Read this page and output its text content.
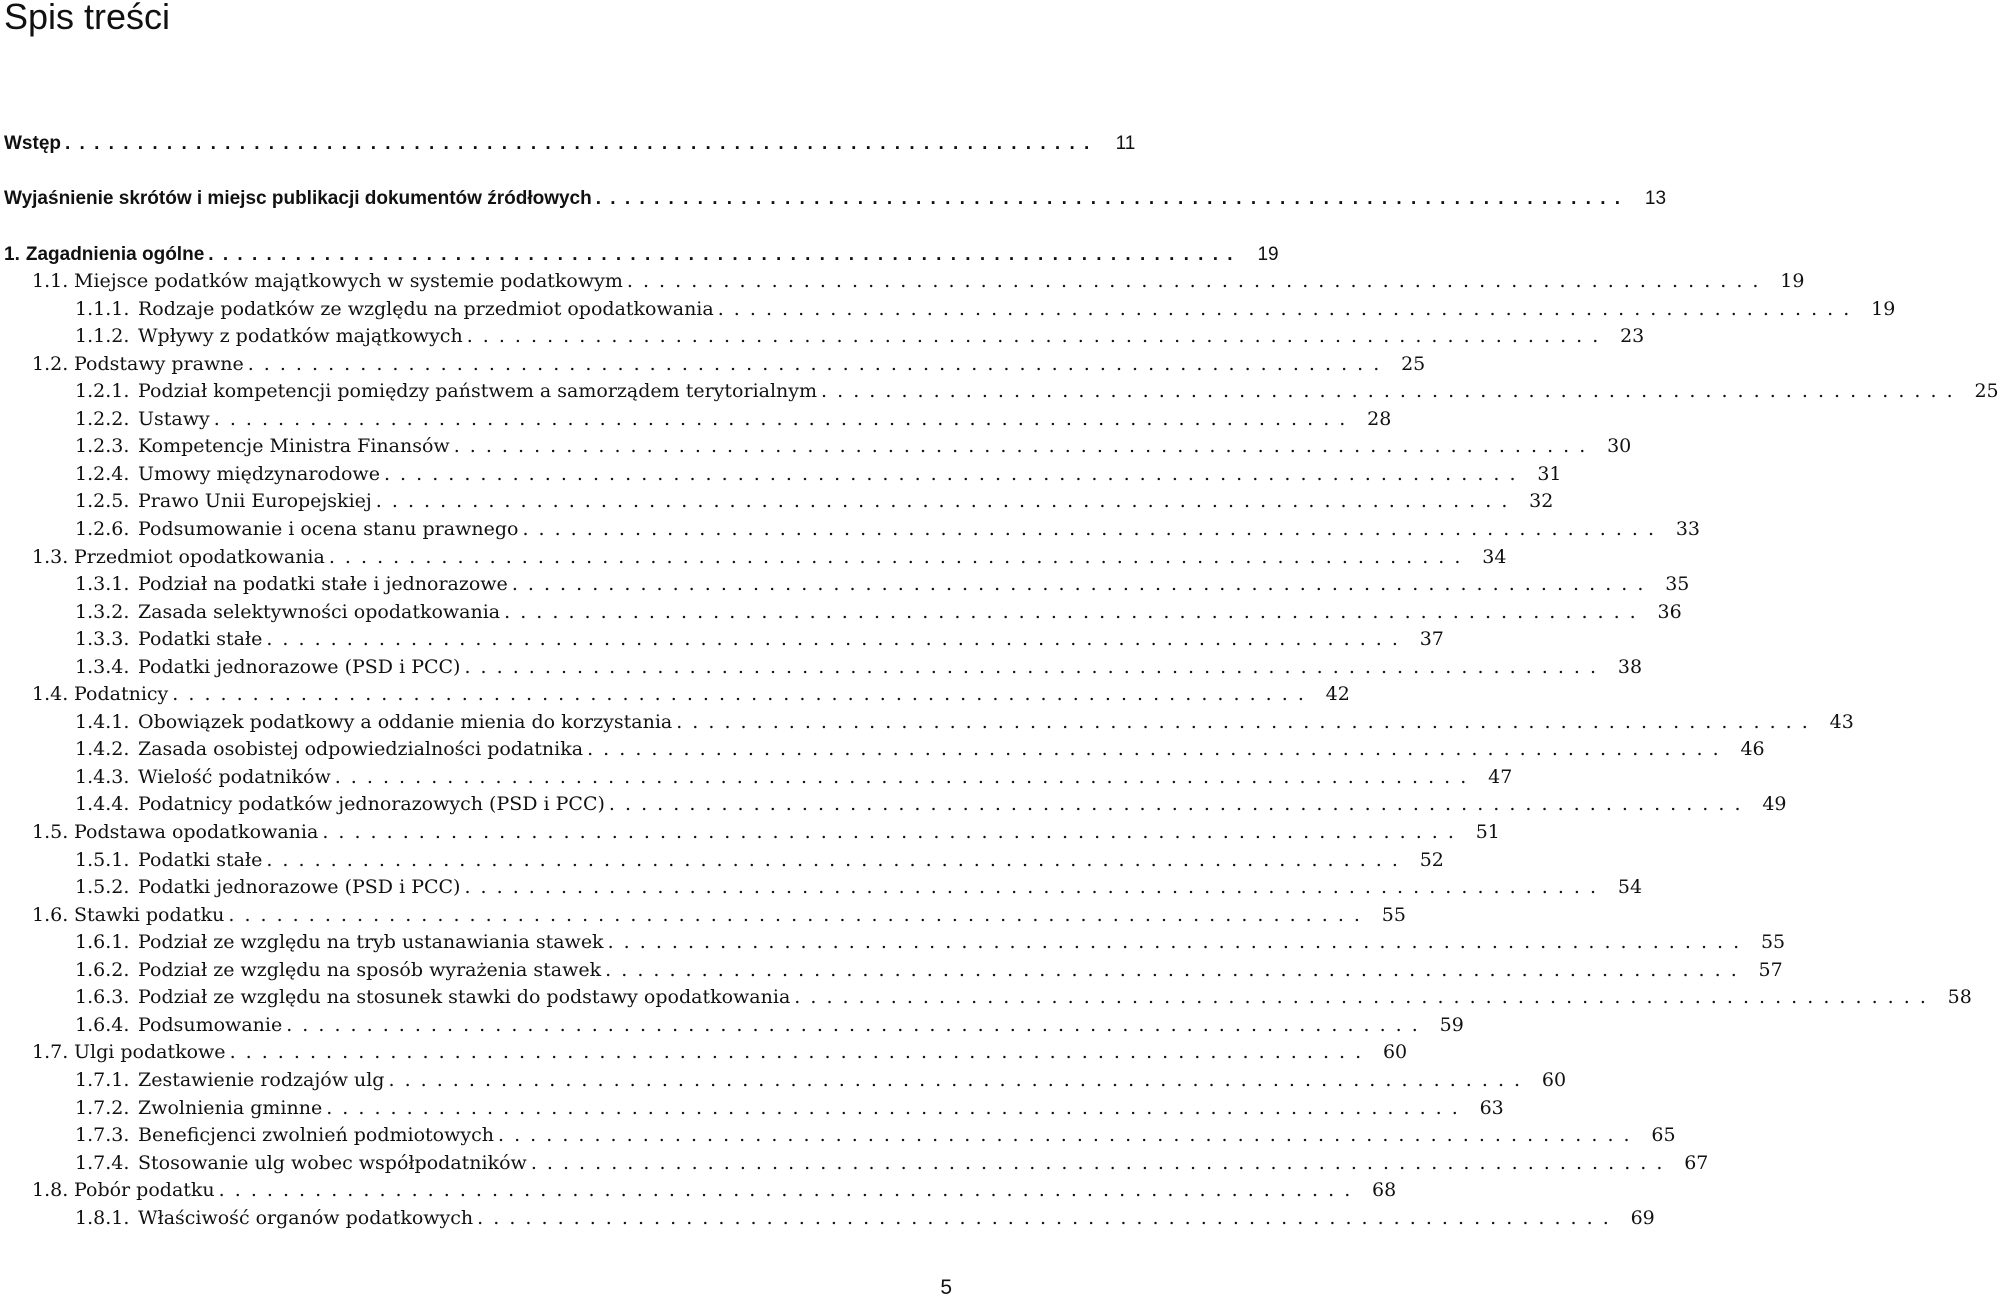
Spis treści
Wstęp . . .	11
Wyjaśnienie skrótów i miejsc publikacji dokumentów źródłowych . . .	13
1. Zagadnienia ogólne . . .	19
1.1. Miejsce podatków majątkowych w systemie podatkowym . . .	19
1.1.1. Rodzaje podatków ze względu na przedmiot opodatkowania . . .	19
1.1.2. Wpływy z podatków majątkowych . . .	23
1.2. Podstawy prawne . . .	25
1.2.1. Podział kompetencji pomiędzy państwem a samorządem terytorialnym . . .	25
1.2.2. Ustawy . . .	28
1.2.3. Kompetencje Ministra Finansów . . .	30
1.2.4. Umowy międzynarodowe . . .	31
1.2.5. Prawo Unii Europejskiej . . .	32
1.2.6. Podsumowanie i ocena stanu prawnego . . .	33
1.3. Przedmiot opodatkowania . . .	34
1.3.1. Podział na podatki stałe i jednorazowe . . .	35
1.3.2. Zasada selektywności opodatkowania . . .	36
1.3.3. Podatki stałe . . .	37
1.3.4. Podatki jednorazowe (PSD i PCC) . . .	38
1.4. Podatnicy . . .	42
1.4.1. Obowiązek podatkowy a oddanie mienia do korzystania . . .	43
1.4.2. Zasada osobistej odpowiedzialności podatnika . . .	46
1.4.3. Wielość podatników . . .	47
1.4.4. Podatnicy podatków jednorazowych (PSD i PCC) . . .	49
1.5. Podstawa opodatkowania . . .	51
1.5.1. Podatki stałe . . .	52
1.5.2. Podatki jednorazowe (PSD i PCC) . . .	54
1.6. Stawki podatku . . .	55
1.6.1. Podział ze względu na tryb ustanawiania stawek . . .	55
1.6.2. Podział ze względu na sposób wyrażenia stawek . . .	57
1.6.3. Podział ze względu na stosunek stawki do podstawy opodatkowania . . .	58
1.6.4. Podsumowanie . . .	59
1.7. Ulgi podatkowe . . .	60
1.7.1. Zestawienie rodzajów ulg . . .	60
1.7.2. Zwolnienia gminne . . .	63
1.7.3. Beneficjenci zwolnień podmiotowych . . .	65
1.7.4. Stosowanie ulg wobec współpodatników . . .	67
1.8. Pobór podatku . . .	68
1.8.1. Właściwość organów podatkowych . . .	69
5
